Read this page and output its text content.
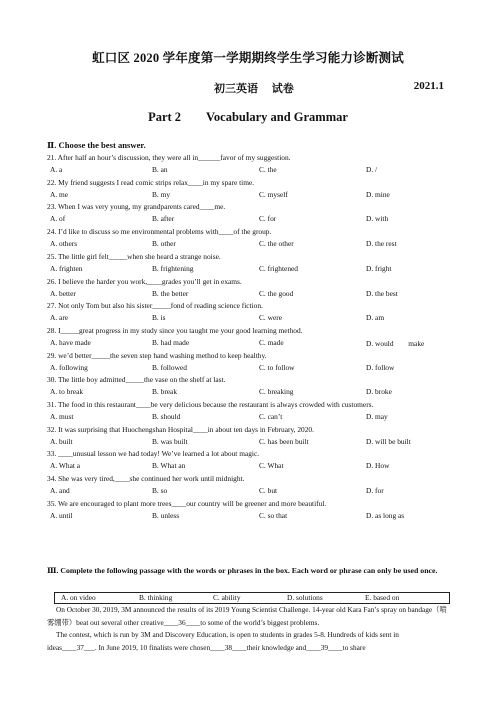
虹口区 2020 学年度第一学期期终学生学习能力诊断测试
初三英语　 试卷	2021.1
Part 2　　Vocabulary and Grammar
Ⅱ. Choose the best answer.
21. After half an hour’s discussion, they were all in______favor of my suggestion.
A. a	B. an	C. the	D. /
22. My friend suggests I read comic strips relax____in my spare time.
A. me	B. my	C. myself	D. mine
23. When I was very young, my grandparents cared____me.
A. of	B. after	C. for	D. with
24. I’d like to discuss so me environmental problems with____of the group.
A. others	B. other	C. the other	D. the rest
25. The little girl felt_____when she heard a strange noise.
A. frighten	B. frightening	C. frightened	D. fright
26. I believe the harder you work,____grades you’ll get in exams.
A. better	B. the better	C. the good	D. the best
27. Not only Tom but also his sister_____fond of reading science fiction.
A. are	B. is	C. were	D. am
28. I_____great progress in my study since you taught me your good learning method.
A. have made	B. had made	C. made	D. would　　make
29. we’d better_____the seven step hand washing method to keep healthy.
A. following	B. followed	C. to follow	D. follow
30. The little boy admitted_____the vase on the shelf at last.
A. to break	B. break	C. breaking	D. broke
31. The food in this restaurant____be very delicious because the restaurant is always crowded with customers.
A. must	B. should	C. can’t	D. may
32. It was surprising that Huochengshan Hospital____in about ten days in February, 2020.
A. built	B. was built	C. has been built	D. will be built
33. ____unusual lesson we had today! We’ve learned a lot about magic.
A. What a	B. What an	C. What	D. How
34. She was very tired,____she continued her work until midnight.
A. and	B. so	C. but	D. for
35. We are encouraged to plant more trees____our country will be greener and more beautiful.
A. until	B. unless	C. so that	D. as long as
Ⅲ. Complete the following passage with the words or phrases in the box. Each word or phrase can only be used once.
A. on video	B. thinking	C. ability	D. solutions	E. based on
On October 30, 2019, 3M announced the results of its 2019 Young Scientist Challenge. 14-year old Kara Fan’s spray on bandage（喷雾绷带）beat out several other creative____36____to some of the world’s biggest problems.
The contest, which is run by 3M and Discovery Education, is open to students in grades 5-8. Hundreds of kids sent in ideas____37___. In June 2019, 10 finalists were chosen____38____their knowledge and____39____to share
